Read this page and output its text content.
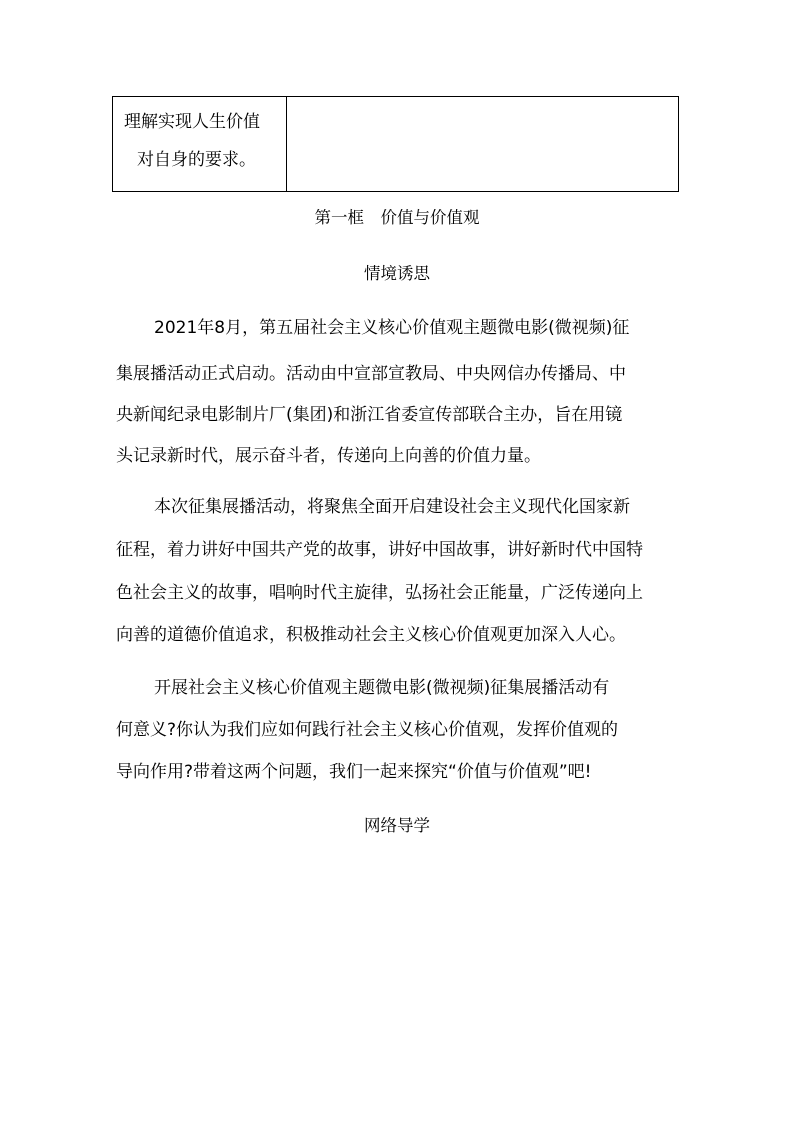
理解实现人生价值
对自身的要求。
第一框　价值与价值观
情境诱思
2021年8月，第五届社会主义核心价值观主题微电影(微视频)征
集展播活动正式启动。活动由中宣部宣教局、中央网信办传播局、中
央新闻纪录电影制片厂(集团)和浙江省委宣传部联合主办，旨在用镜
头记录新时代，展示奋斗者，传递向上向善的价值力量。
本次征集展播活动，将聚焦全面开启建设社会主义现代化国家新
征程，着力讲好中国共产党的故事，讲好中国故事，讲好新时代中国特
色社会主义的故事，唱响时代主旋律，弘扬社会正能量，广泛传递向上
向善的道德价值追求，积极推动社会主义核心价值观更加深入人心。
开展社会主义核心价值观主题微电影(微视频)征集展播活动有
何意义?你认为我们应如何践行社会主义核心价值观，发挥价值观的
导向作用?带着这两个问题，我们一起来探究“价值与价值观”吧!
网络导学
